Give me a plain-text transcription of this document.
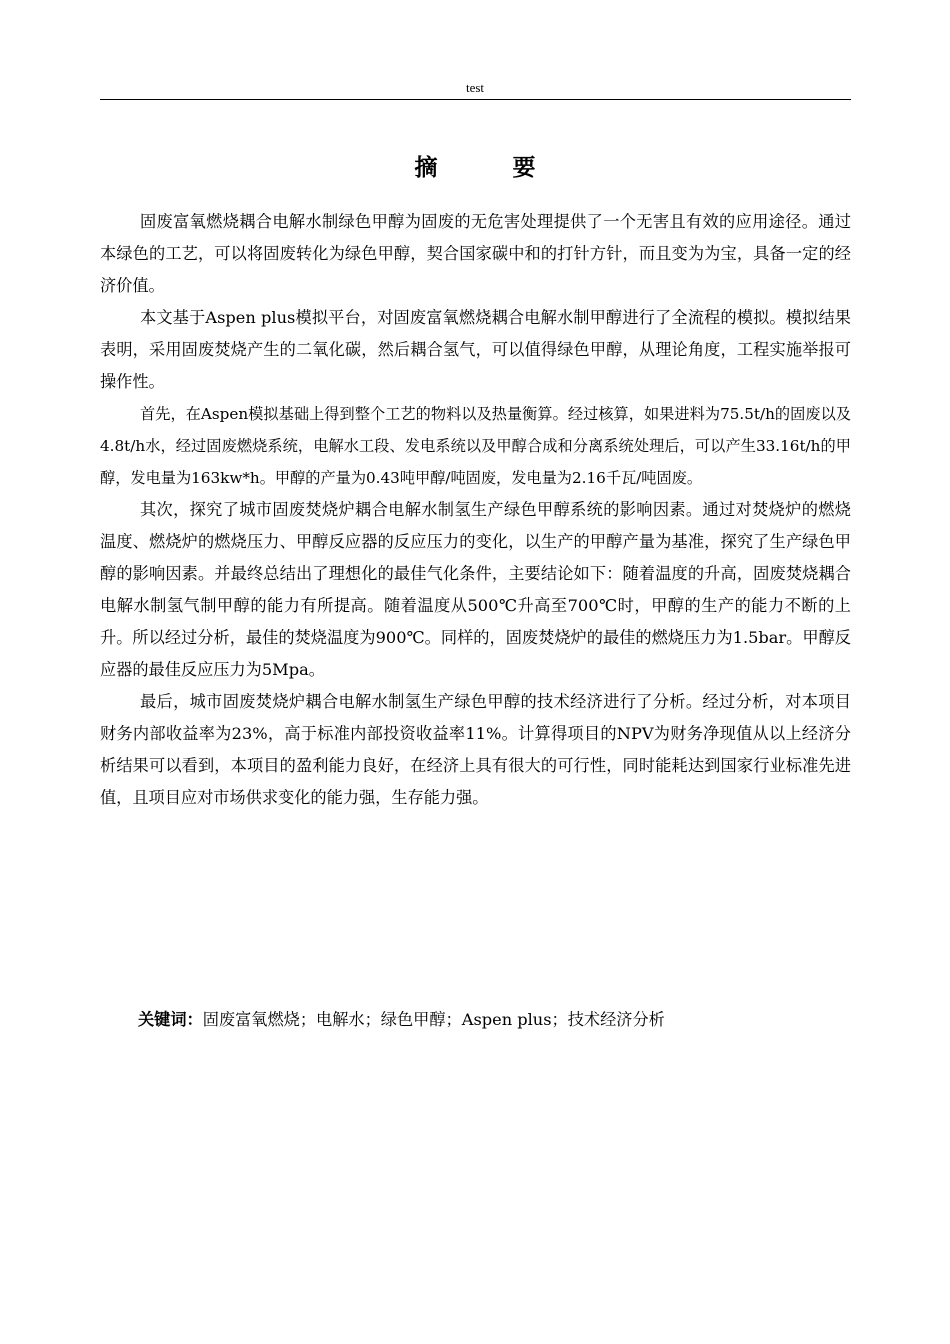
test
摘　要

固废富氧燃烧耦合电解水制绿色甲醇为固废的无危害处理提供了一个无害且有效的应用途径。通过本绿色的工艺，可以将固废转化为绿色甲醇，契合国家碳中和的打针方针，而且变为为宝，具备一定的经济价值。

本文基于Aspen plus模拟平台，对固废富氧燃烧耦合电解水制甲醇进行了全流程的模拟。模拟结果表明，采用固废焚烧产生的二氧化碳，然后耦合氢气，可以值得绿色甲醇，从理论角度，工程实施举报可操作性。

首先，在Aspen模拟基础上得到整个工艺的物料以及热量衡算。经过核算，如果进料为75.5t/h的固废以及4.8t/h水，经过固废燃烧系统，电解水工段、发电系统以及甲醇合成和分离系统处理后，可以产生33.16t/h的甲醇，发电量为163kw*h。甲醇的产量为0.43吨甲醇/吨固废，发电量为2.16千瓦/吨固废。

其次，探究了城市固废焚烧炉耦合电解水制氢生产绿色甲醇系统的影响因素。通过对焚烧炉的燃烧温度、燃烧炉的燃烧压力、甲醇反应器的反应压力的变化，以生产的甲醇产量为基准，探究了生产绿色甲醇的影响因素。并最终总结出了理想化的最佳气化条件，主要结论如下：随着温度的升高，固废焚烧耦合电解水制氢气制甲醇的能力有所提高。随着温度从500℃升高至700℃时，甲醇的生产的能力不断的上升。所以经过分析，最佳的焚烧温度为900℃。同样的，固废焚烧炉的最佳的燃烧压力为1.5bar。甲醇反应器的最佳反应压力为5Mpa。

最后，城市固废焚烧炉耦合电解水制氢生产绿色甲醇的技术经济进行了分析。经过分析，对本项目财务内部收益率为23%，高于标准内部投资收益率11%。计算得项目的NPV为财务净现值从以上经济分析结果可以看到，本项目的盈利能力良好，在经济上具有很大的可行性，同时能耗达到国家行业标准先进值，且项目应对市场供求变化的能力强，生存能力强。

关键词：固废富氧燃烧；电解水；绿色甲醇；Aspen plus；技术经济分析
